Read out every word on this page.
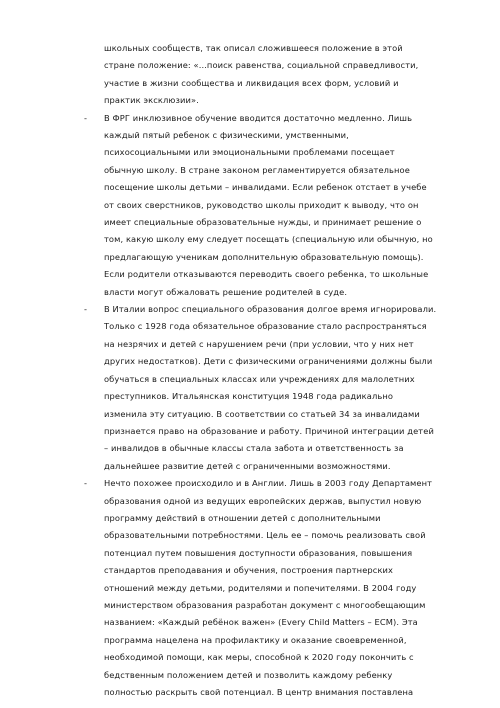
школьных сообществ, так описал сложившееся положение в этой
стране положение: «...поиск равенства, социальной справедливости,
участие в жизни сообщества и ликвидация всех форм, условий и
практик эксклюзии».
- В ФРГ инклюзивное обучение вводится достаточно медленно. Лишь
каждый пятый ребенок с физическими, умственными,
психосоциальными или эмоциональными проблемами посещает
обычную школу. В стране законом регламентируется обязательное
посещение школы детьми – инвалидами. Если ребенок отстает в учебе
от своих сверстников, руководство школы приходит к выводу, что он
имеет специальные образовательные нужды, и принимает решение о
том, какую школу ему следует посещать (специальную или обычную, но
предлагающую ученикам дополнительную образовательную помощь).
Если родители отказываются переводить своего ребенка, то школьные
власти могут обжаловать решение родителей в суде.
- В Италии вопрос специального образования долгое время игнорировали.
Только с 1928 года обязательное образование стало распространяться
на незрячих и детей с нарушением речи (при условии, что у них нет
других недостатков). Дети с физическими ограничениями должны были
обучаться в специальных классах или учреждениях для малолетних
преступников. Итальянская конституция 1948 года радикально
изменила эту ситуацию. В соответствии со статьей 34 за инвалидами
признается право на образование и работу. Причиной интеграции детей
– инвалидов в обычные классы стала забота и ответственность за
дальнейшее развитие детей с ограниченными возможностями.
- Нечто похожее происходило и в Англии. Лишь в 2003 году Департамент
образования одной из ведущих европейских держав, выпустил новую
программу действий в отношении детей с дополнительными
образовательными потребностями. Цель ее – помочь реализовать свой
потенциал путем повышения доступности образования, повышения
стандартов преподавания и обучения, построения партнерских
отношений между детьми, родителями и попечителями. В 2004 году
министерством образования разработан документ с многообещающим
названием: «Каждый ребёнок важен» (Every Child Matters – ECM). Эта
программа нацелена на профилактику и оказание своевременной,
необходимой помощи, как меры, способной к 2020 году покончить с
бедственным положением детей и позволить каждому ребенку
полностью раскрыть свой потенциал. В центр внимания поставлена
